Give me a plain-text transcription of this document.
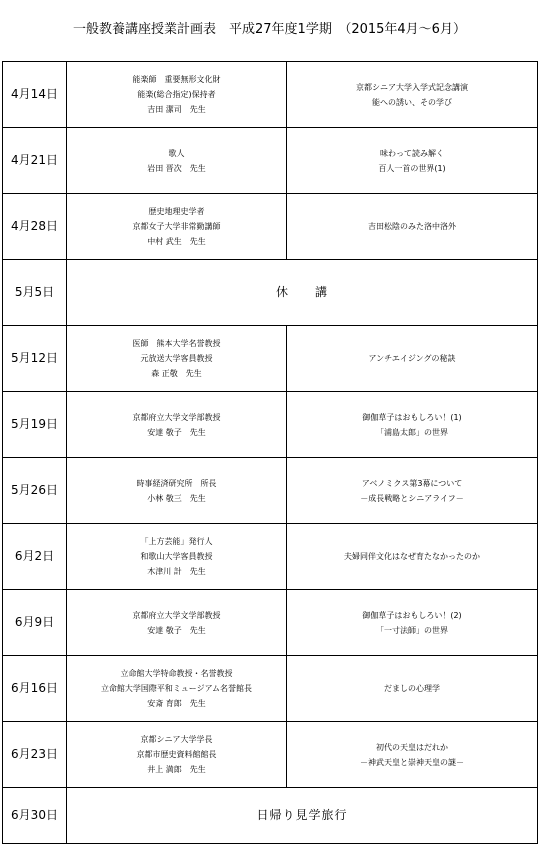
一般教養講座授業計画表　平成27年度1学期　（2015年4月～6月）
4月14日	能楽師　重要無形文化財
能楽(総合指定)保持者
吉田 潔司　先生	京都シニア大学入学式記念講演
能への誘い、その学び

4月21日	歌人
岩田 晋次　先生	味わって読み解く
百人一首の世界(1)

4月28日	歴史地理史学者
京都女子大学非常勤講師
中村 武生　先生	吉田松陰のみた洛中洛外

5月5日	休　　講	
5月12日	医師　熊本大学名誉教授
元放送大学客員教授
森 正敬　先生	アンチエイジングの秘訣

5月19日	京都府立大学文学部教授
安達 敬子　先生	御伽草子はおもしろい！(1)
「浦島太郎」の世界

5月26日	時事経済研究所　所長
小林 敬三　先生	アベノミクス第3幕について
－成長戦略とシニアライフ－

6月2日	「上方芸能」発行人
和歌山大学客員教授
木津川 計　先生	夫婦同伴文化はなぜ育たなかったのか

6月9日	京都府立大学文学部教授
安達 敬子　先生	御伽草子はおもしろい！(2)
「一寸法師」の世界

6月16日	立命館大学特命教授・名誉教授
立命館大学国際平和ミュージアム名誉館長
安斎 育郎　先生	だましの心理学

6月23日	京都シニア大学学長
京都市歴史資料館館長
井上 満郎　先生	初代の天皇はだれか
－神武天皇と崇神天皇の謎－

6月30日	日帰り見学旅行	
